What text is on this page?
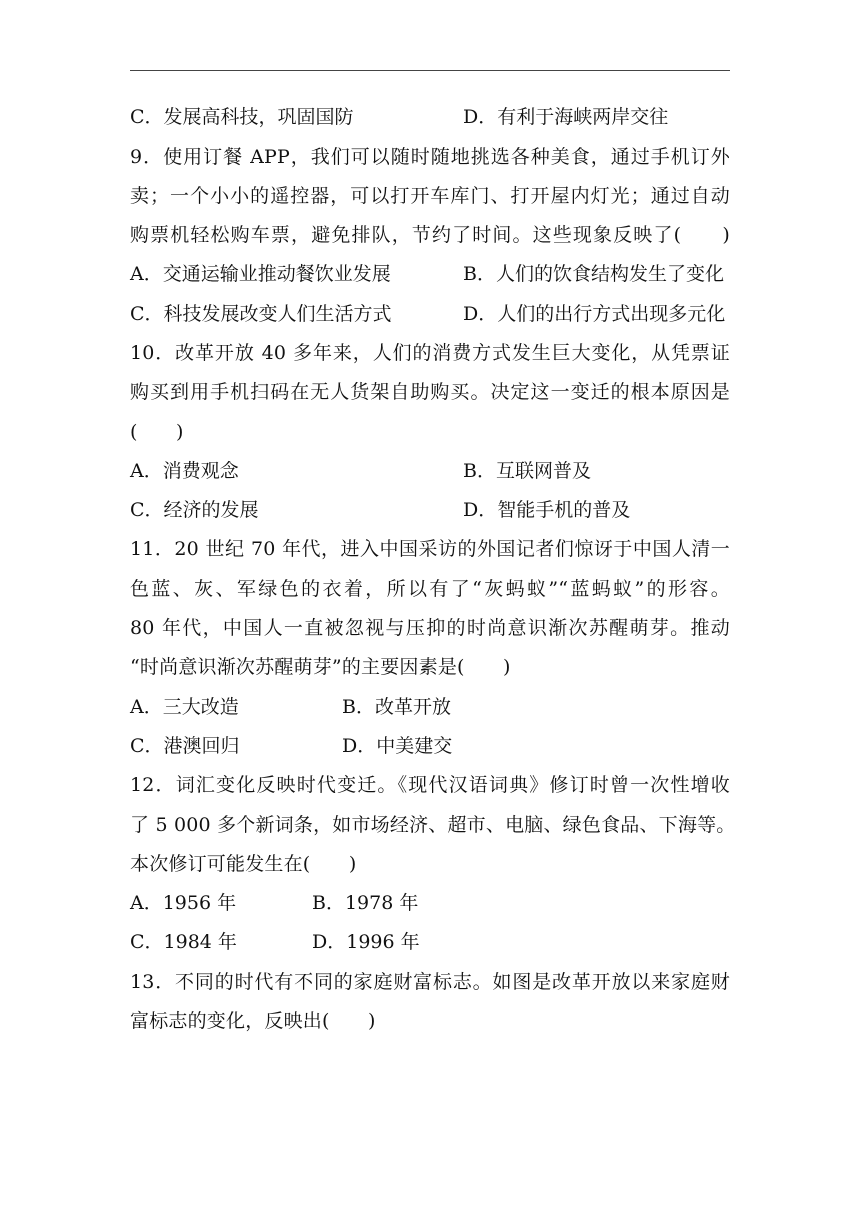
C．发展高科技，巩固国防	D．有利于海峡两岸交往
9．使用订餐 APP，我们可以随时随地挑选各种美食，通过手机订外
卖；一个小小的遥控器，可以打开车库门、打开屋内灯光；通过自动
购票机轻松购车票，避免排队，节约了时间。这些现象反映了(　　)
A．交通运输业推动餐饮业发展	B．人们的饮食结构发生了变化
C．科技发展改变人们生活方式	D．人们的出行方式出现多元化
10．改革开放 40 多年来，人们的消费方式发生巨大变化，从凭票证
购买到用手机扫码在无人货架自助购买。决定这一变迁的根本原因是
(　　)
A．消费观念	B．互联网普及
C．经济的发展	D．智能手机的普及
11．20 世纪 70 年代，进入中国采访的外国记者们惊讶于中国人清一
色蓝、灰、军绿色的衣着，所以有了“灰蚂蚁”“蓝蚂蚁”的形容。
80 年代，中国人一直被忽视与压抑的时尚意识渐次苏醒萌芽。推动
“时尚意识渐次苏醒萌芽”的主要因素是(　　)
A．三大改造	B．改革开放
C．港澳回归	D．中美建交
12．词汇变化反映时代变迁。《现代汉语词典》修订时曾一次性增收
了 5 000 多个新词条，如市场经济、超市、电脑、绿色食品、下海等。
本次修订可能发生在(　　)
A．1956 年	B．1978 年
C．1984 年	D．1996 年
13．不同的时代有不同的家庭财富标志。如图是改革开放以来家庭财
富标志的变化，反映出(　　)
